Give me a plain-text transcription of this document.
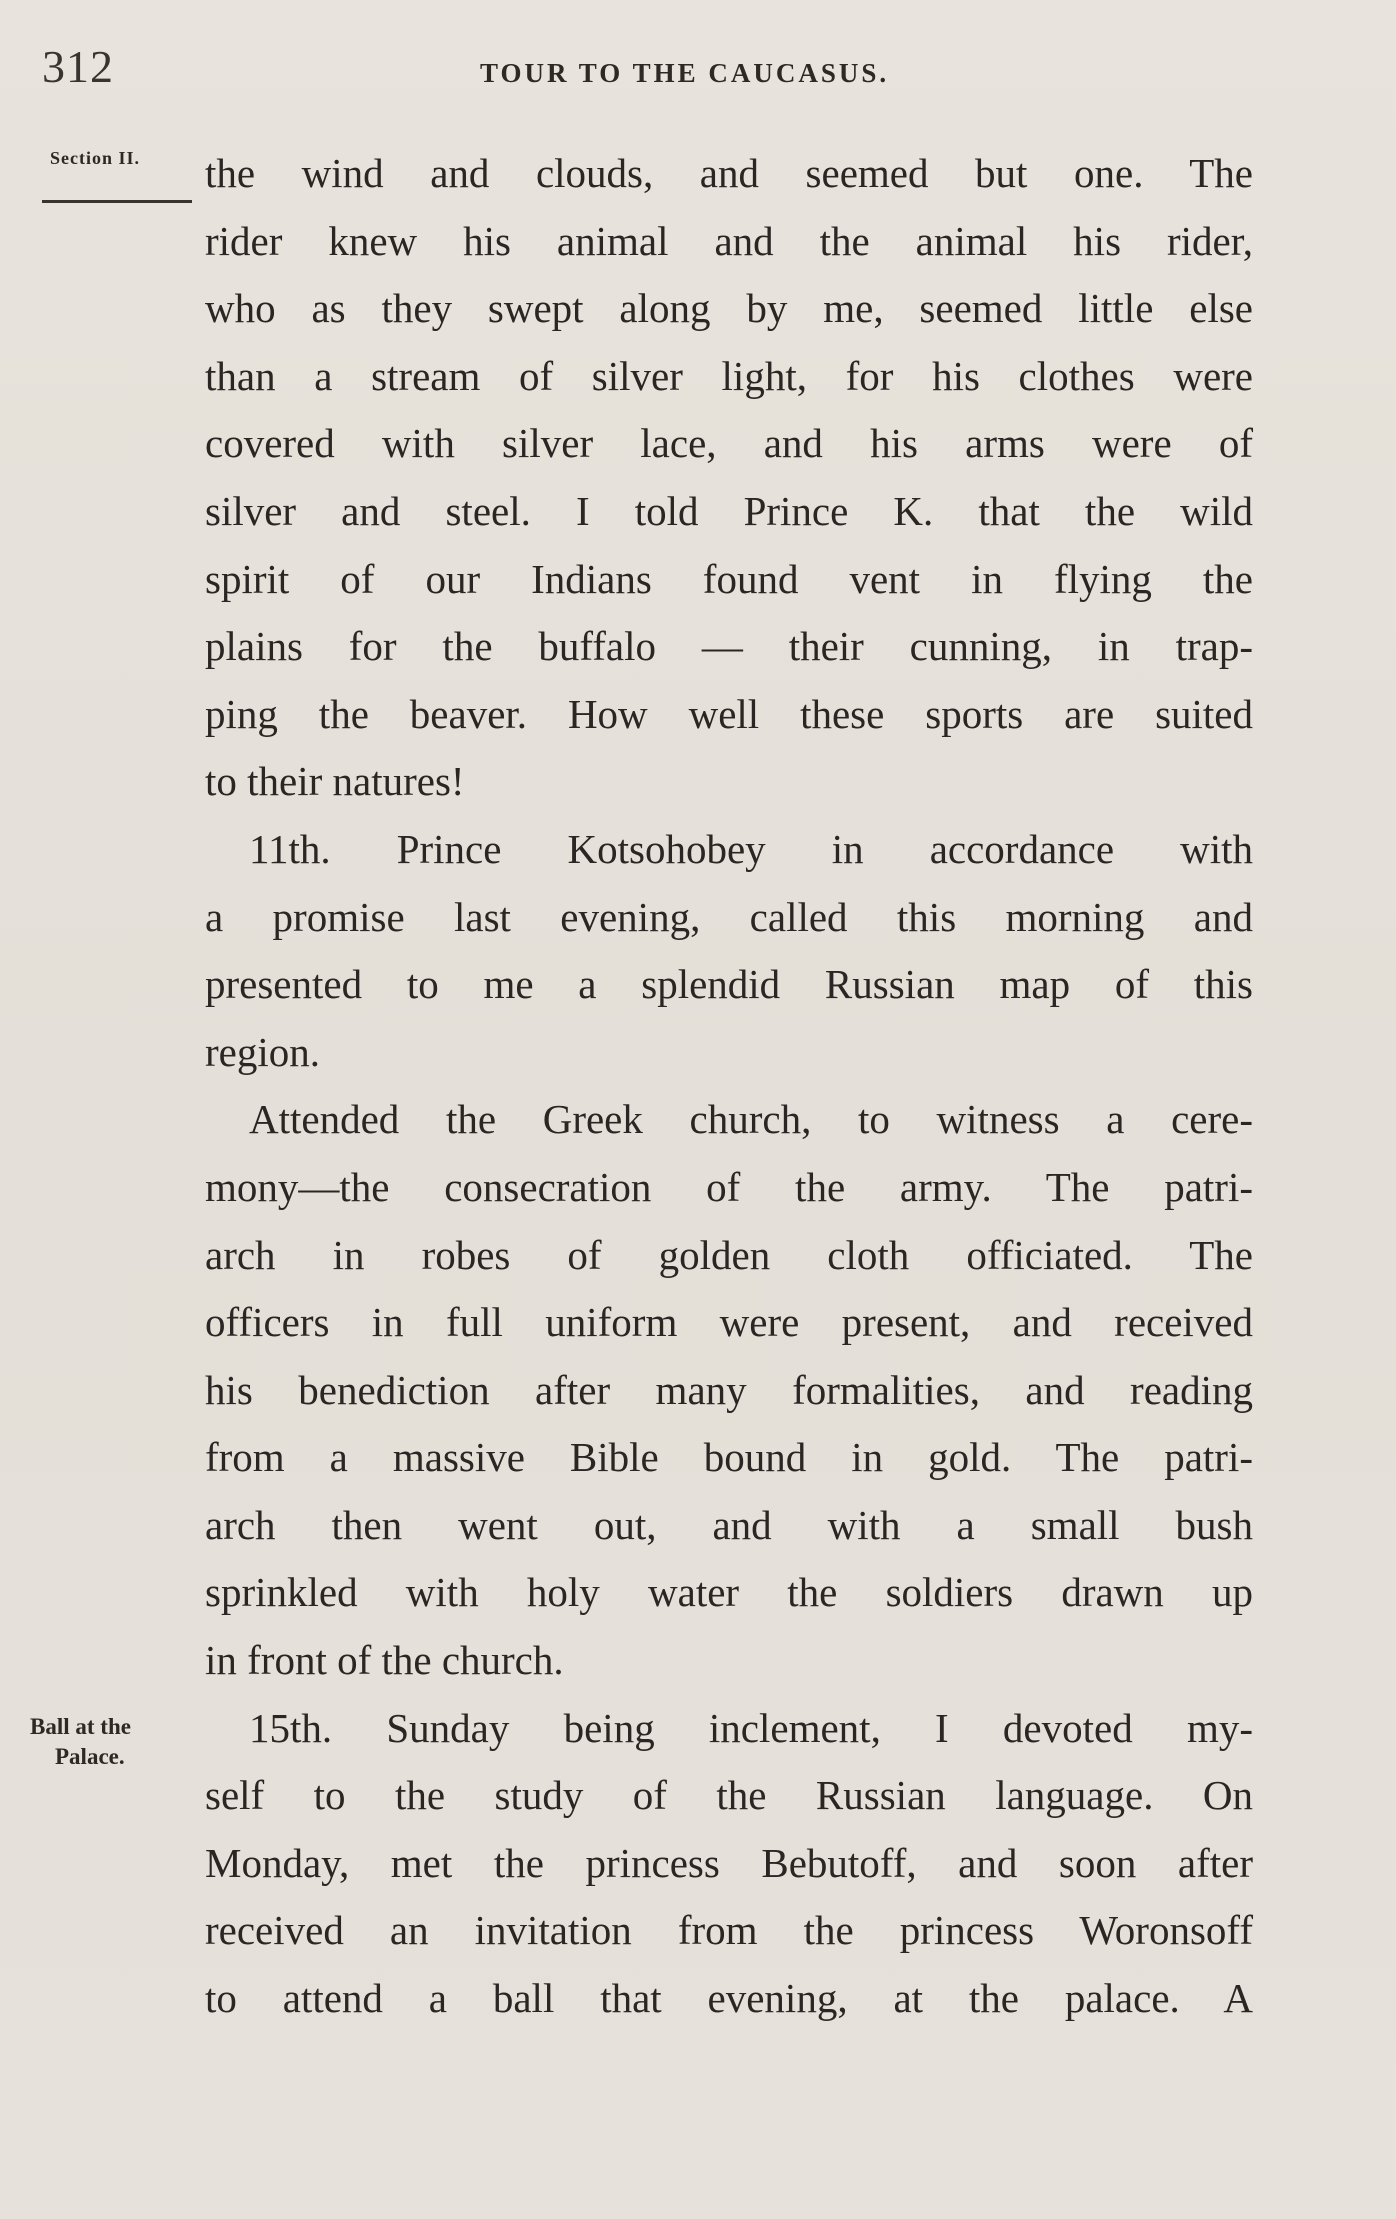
312	TOUR TO THE CAUCASUS.
Section II.
Ball at the
Palace.
the wind and clouds, and seemed but one. The
rider knew his animal and the animal his rider,
who as they swept along by me, seemed little else
than a stream of silver light, for his clothes were
covered with silver lace, and his arms were of
silver and steel. I told Prince K. that the wild
spirit of our Indians found vent in flying the
plains for the buffalo — their cunning, in trap-
ping the beaver. How well these sports are suited
to their natures!
11th. Prince Kotsohobey in accordance with
a promise last evening, called this morning and
presented to me a splendid Russian map of this
region.
Attended the Greek church, to witness a cere-
mony—the consecration of the army. The patri-
arch in robes of golden cloth officiated. The
officers in full uniform were present, and received
his benediction after many formalities, and reading
from a massive Bible bound in gold. The patri-
arch then went out, and with a small bush
sprinkled with holy water the soldiers drawn up
in front of the church.
15th. Sunday being inclement, I devoted my-
self to the study of the Russian language. On
Monday, met the princess Bebutoff, and soon after
received an invitation from the princess Woronsoff
to attend a ball that evening, at the palace. A
